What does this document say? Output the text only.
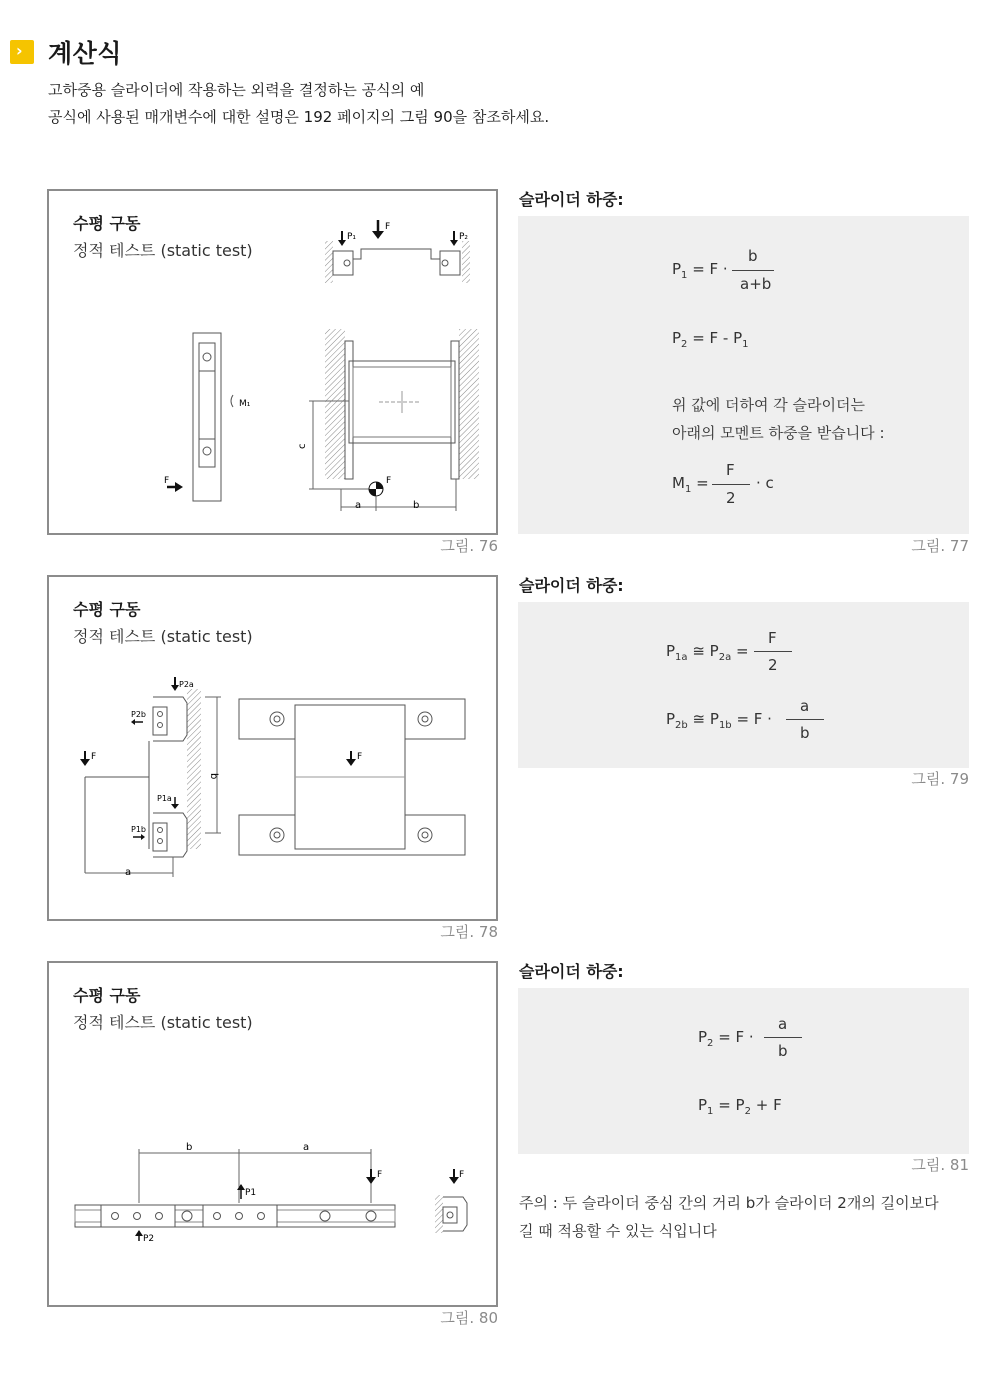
› 계산식
고하중용 슬라이더에 작용하는 외력을 결정하는 공식의 예
공식에 사용된 매개변수에 대한 설명은 192 페이지의 그림 90을 참조하세요.
수평 구동
정적 테스트 (static test)
P₁
F
P₂
M₁
F
c
F
a	b
그림. 76
슬라이더 하중:
$P_1 = F$ ·
b
a+b
$P_2 = F - P_1$
위 값에 더하여 각 슬라이더는
아래의 모멘트 하중을 받습니다 :
$M_1$ =
F
2
· c
그림. 77
수평 구동
정적 테스트 (static test)
a
b
P2a
P2b
P1a
P1b
F	F
그림. 78
슬라이더 하중:
$P_{1a}$ ≅ $P_{2a}$ =
F
2
$P_{2b}$ ≅ $P_{1b} = F$ ·
a
b
그림. 79
수평 구동
정적 테스트 (static test)
b	a
P1
P2
F	F
그림. 80
슬라이더 하중:
$P_2 = F$ ·
a
b
$P_1 = P_2 + F$
그림. 81
주의 : 두 슬라이더 중심 간의 거리 b가 슬라이더 2개의 길이보다
길 때 적용할 수 있는 식입니다
